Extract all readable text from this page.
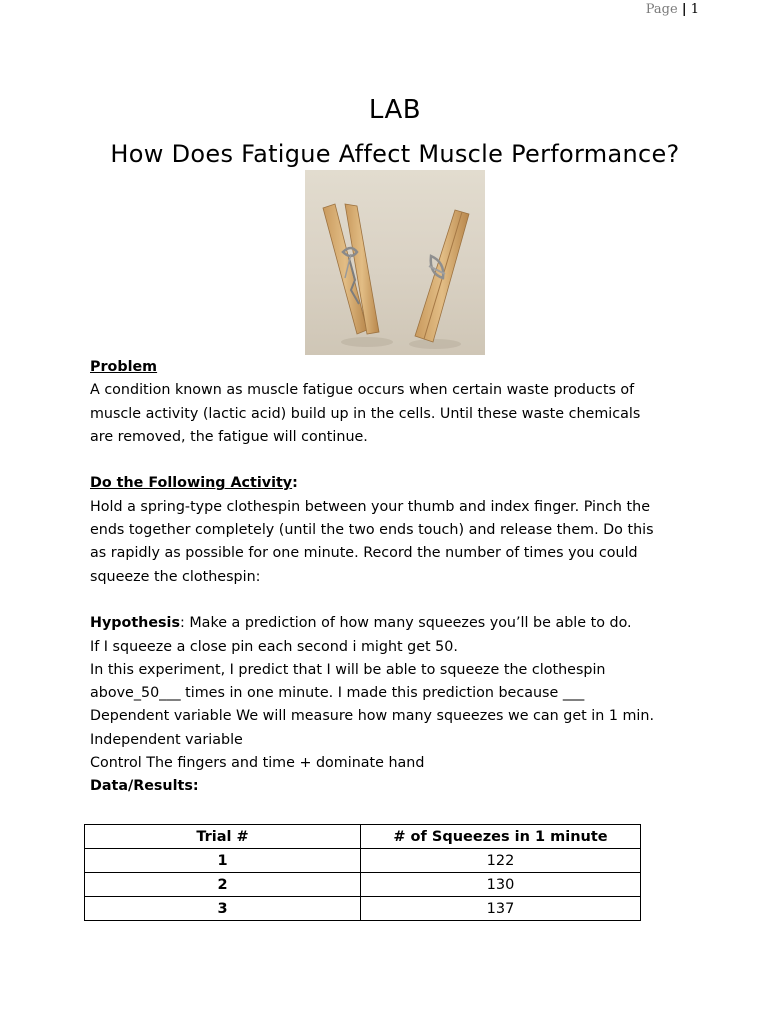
Page | 1
LAB
How Does Fatigue Affect Muscle Performance?

Problem

A condition known as muscle fatigue occurs when certain waste products of

muscle activity (lactic acid) build up in the cells. Until these waste chemicals

are removed, the fatigue will continue.

Do the Following Activity:

Hold a spring-type clothespin between your thumb and index finger. Pinch the

ends together completely (until the two ends touch) and release them. Do this

as rapidly as possible for one minute. Record the number of times you could

squeeze the clothespin:

Hypothesis: Make a prediction of how many squeezes you’ll be able to do.

If I squeeze a close pin each second i might get 50.

In this experiment, I predict that I will be able to squeeze the clothespin

above_50___ times in one minute. I made this prediction because ___

Dependent variable We will measure how many squeezes we can get in 1 min.

Independent variable

Control The fingers and time + dominate hand

Data/Results:

Trial #	# of Squeezes in 1 minute
1	122
2	130
3	137
